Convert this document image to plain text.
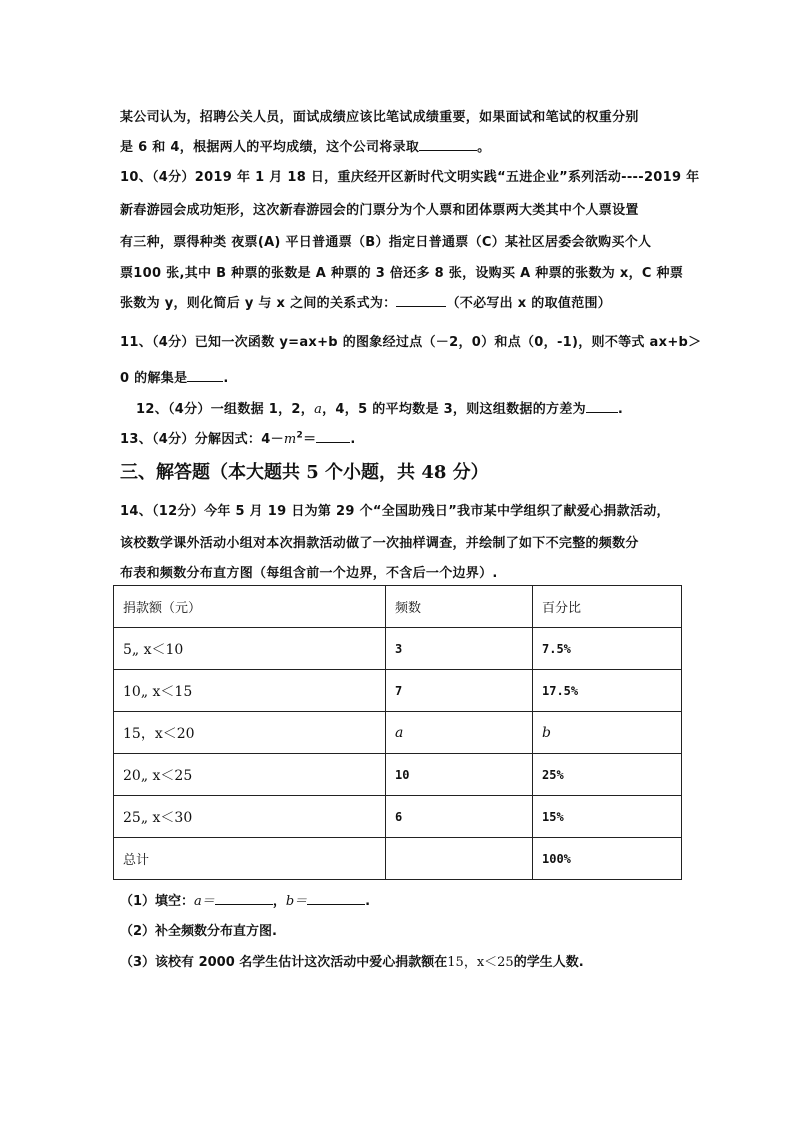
某公司认为，招聘公关人员，面试成绩应该比笔试成绩重要，如果面试和笔试的权重分别
是 6 和 4，根据两人的平均成绩，这个公司将录取	。
10、（4分）2019 年 1 月 18 日，重庆经开区新时代文明实践“五进企业”系列活动----2019 年
新春游园会成功矩形，这次新春游园会的门票分为个人票和团体票两大类其中个人票设置
有三种，票得种类 夜票(A) 平日普通票（B）指定日普通票（C）某社区居委会欲购买个人
票100 张,其中 B 种票的张数是 A 种票的 3 倍还多 8 张，设购买 A 种票的张数为 x，C 种票
张数为 y，则化简后 y 与 x 之间的关系式为：	（不必写出 x 的取值范围）
11、（4分）已知一次函数 y=ax+b 的图象经过点（－2，0）和点（0，-1)，则不等式 ax+b＞
0 的解集是	.
12、（4分）一组数据 1，2，a，4，5 的平均数是 3，则这组数据的方差为 .
13、（4分）分解因式：$4-m^2=$	.
三、解答题（本大题共 5 个小题，共 48 分）
14、（12分）今年 5 月 19 日为第 29 个“全国助残日”我市某中学组织了献爱心捐款活动，
该校数学课外活动小组对本次捐款活动做了一次抽样调查，并绘制了如下不完整的频数分
布表和频数分布直方图（每组含前一个边界，不含后一个边界）.
捐款额（元）	频数	百分比
5„ x＜10	3	7.5%
10„ x＜15	7	17.5%
15，x＜20	a	b
20„ x＜25	10	25%
25„ x＜30	6	15%
总计		100%
（1）填空：a＝	，b＝	.
（2）补全频数分布直方图.
（3）该校有 2000 名学生估计这次活动中爱心捐款额在15，x＜25的学生人数.
